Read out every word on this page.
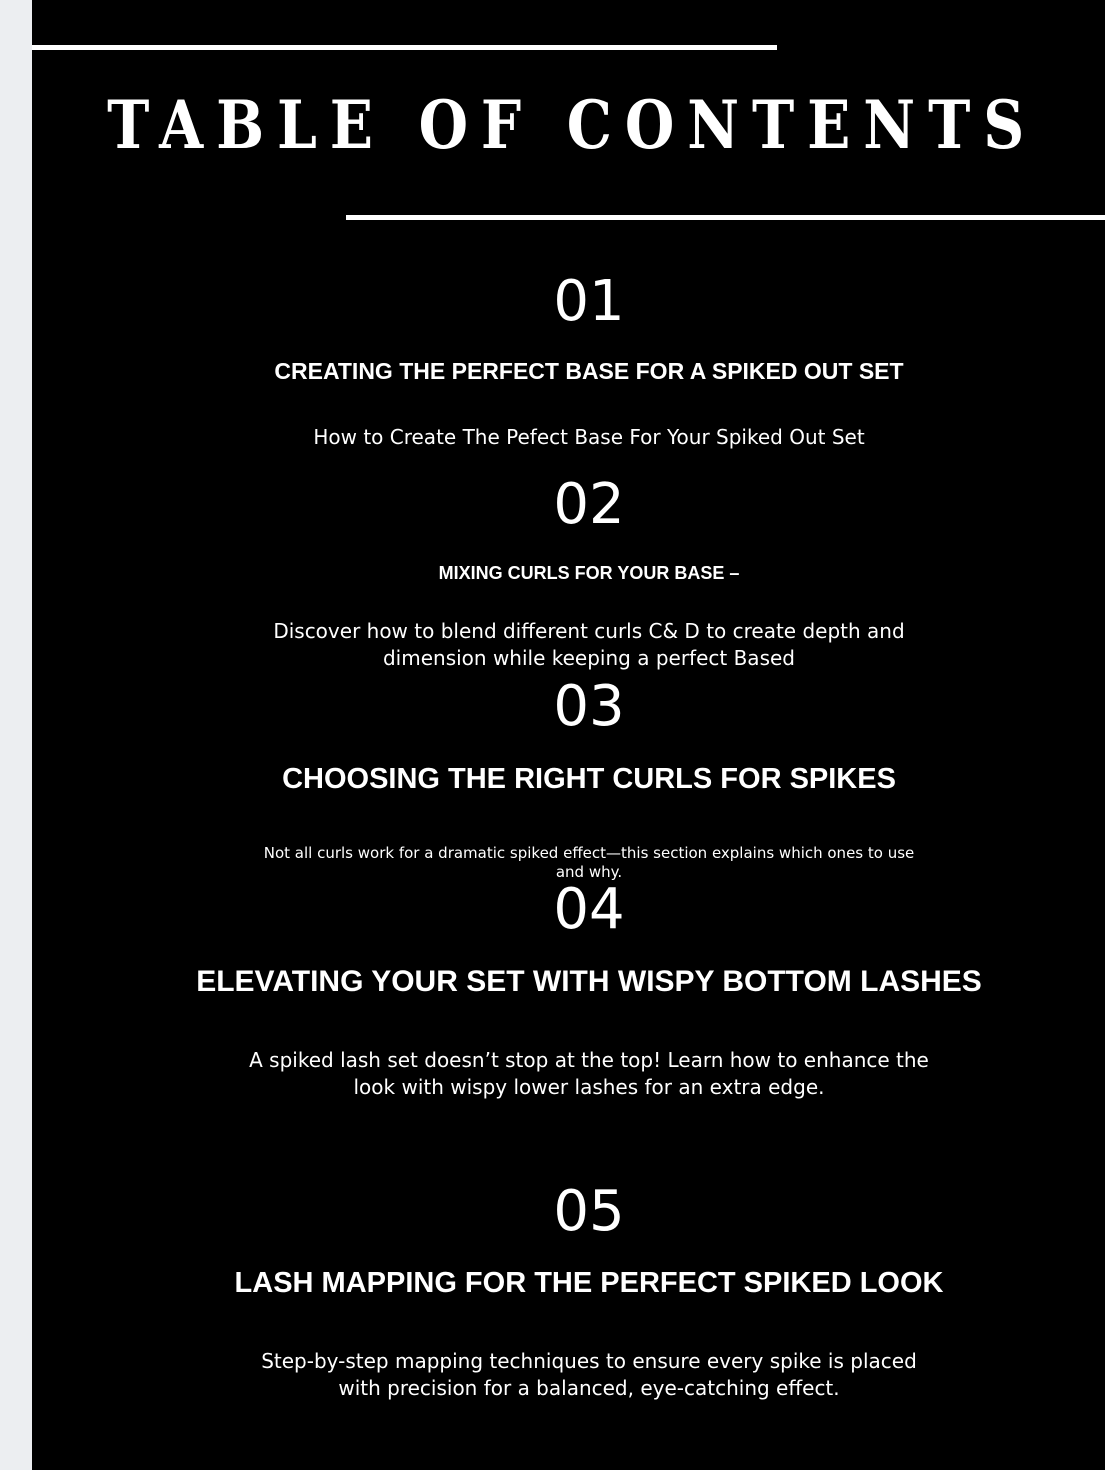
TABLE OF CONTENTS
01
CREATING THE PERFECT BASE FOR A SPIKED OUT SET
How to Create The Pefect Base For Your Spiked Out Set
02
MIXING CURLS FOR YOUR BASE –
Discover how to blend different curls C& D to create depth and dimension while keeping a perfect Based
03
CHOOSING THE RIGHT CURLS FOR SPIKES
Not all curls work for a dramatic spiked effect—this section explains which ones to use and why.
04
ELEVATING YOUR SET WITH WISPY BOTTOM LASHES
A spiked lash set doesn’t stop at the top! Learn how to enhance the look with wispy lower lashes for an extra edge.
05
LASH MAPPING FOR THE PERFECT SPIKED LOOK
Step-by-step mapping techniques to ensure every spike is placed with precision for a balanced, eye-catching effect.
